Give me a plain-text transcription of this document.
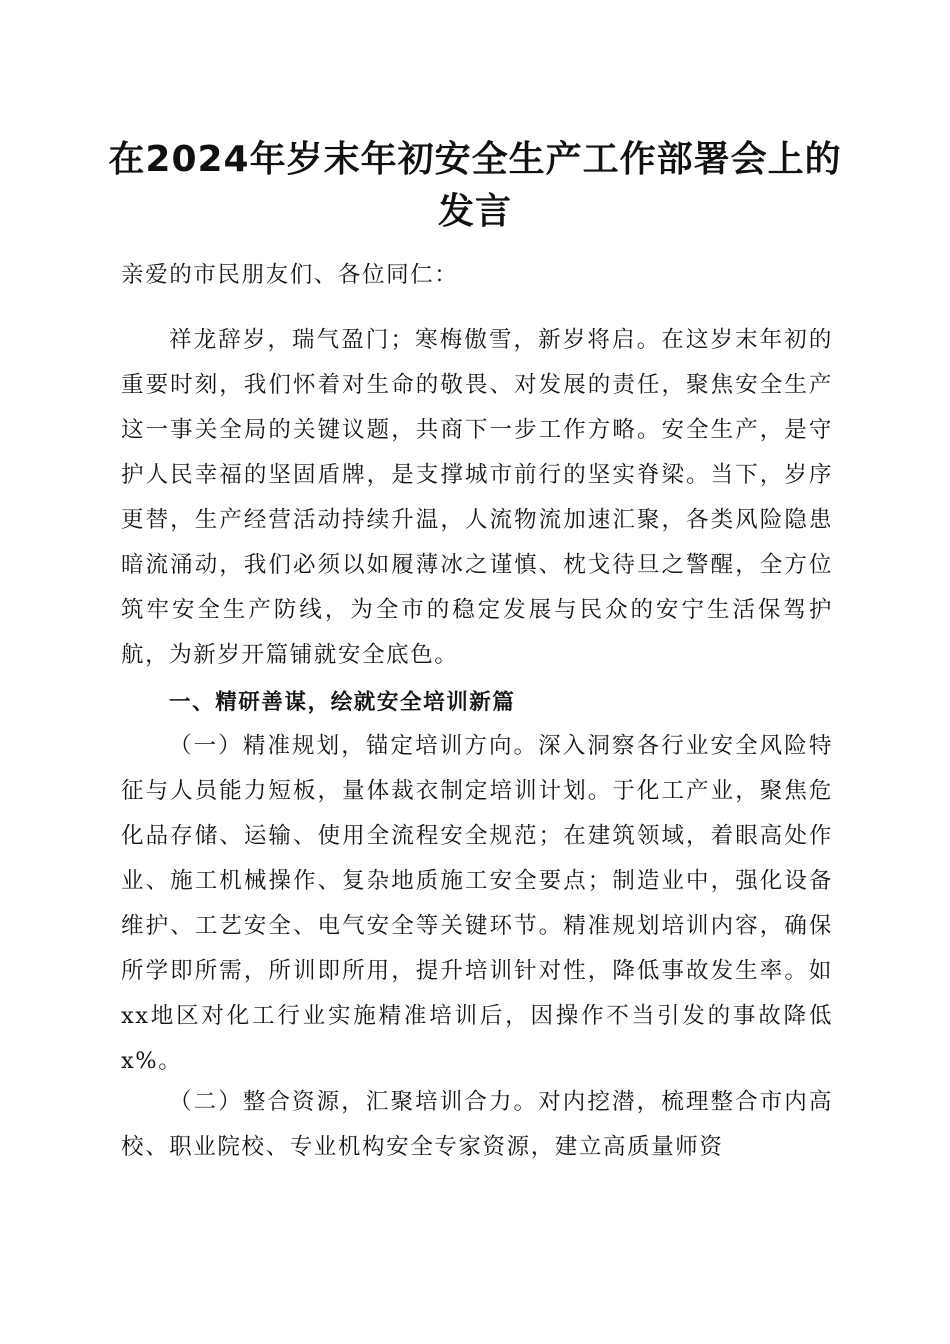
在2024年岁末年初安全生产工作部署会上的发言
亲爱的市民朋友们、各位同仁：
祥龙辞岁，瑞气盈门；寒梅傲雪，新岁将启。在这岁末年初的重要时刻，我们怀着对生命的敬畏、对发展的责任，聚焦安全生产这一事关全局的关键议题，共商下一步工作方略。安全生产，是守护人民幸福的坚固盾牌，是支撑城市前行的坚实脊梁。当下，岁序更替，生产经营活动持续升温，人流物流加速汇聚，各类风险隐患暗流涌动，我们必须以如履薄冰之谨慎、枕戈待旦之警醒，全方位筑牢安全生产防线，为全市的稳定发展与民众的安宁生活保驾护航，为新岁开篇铺就安全底色。
一、精研善谋，绘就安全培训新篇
（一）精准规划，锚定培训方向。深入洞察各行业安全风险特征与人员能力短板，量体裁衣制定培训计划。于化工产业，聚焦危化品存储、运输、使用全流程安全规范；在建筑领域，着眼高处作业、施工机械操作、复杂地质施工安全要点；制造业中，强化设备维护、工艺安全、电气安全等关键环节。精准规划培训内容，确保所学即所需，所训即所用，提升培训针对性，降低事故发生率。如xx地区对化工行业实施精准培训后，因操作不当引发的事故降低x%。
（二）整合资源，汇聚培训合力。对内挖潜，梳理整合市内高校、职业院校、专业机构安全专家资源，建立高质量师资
